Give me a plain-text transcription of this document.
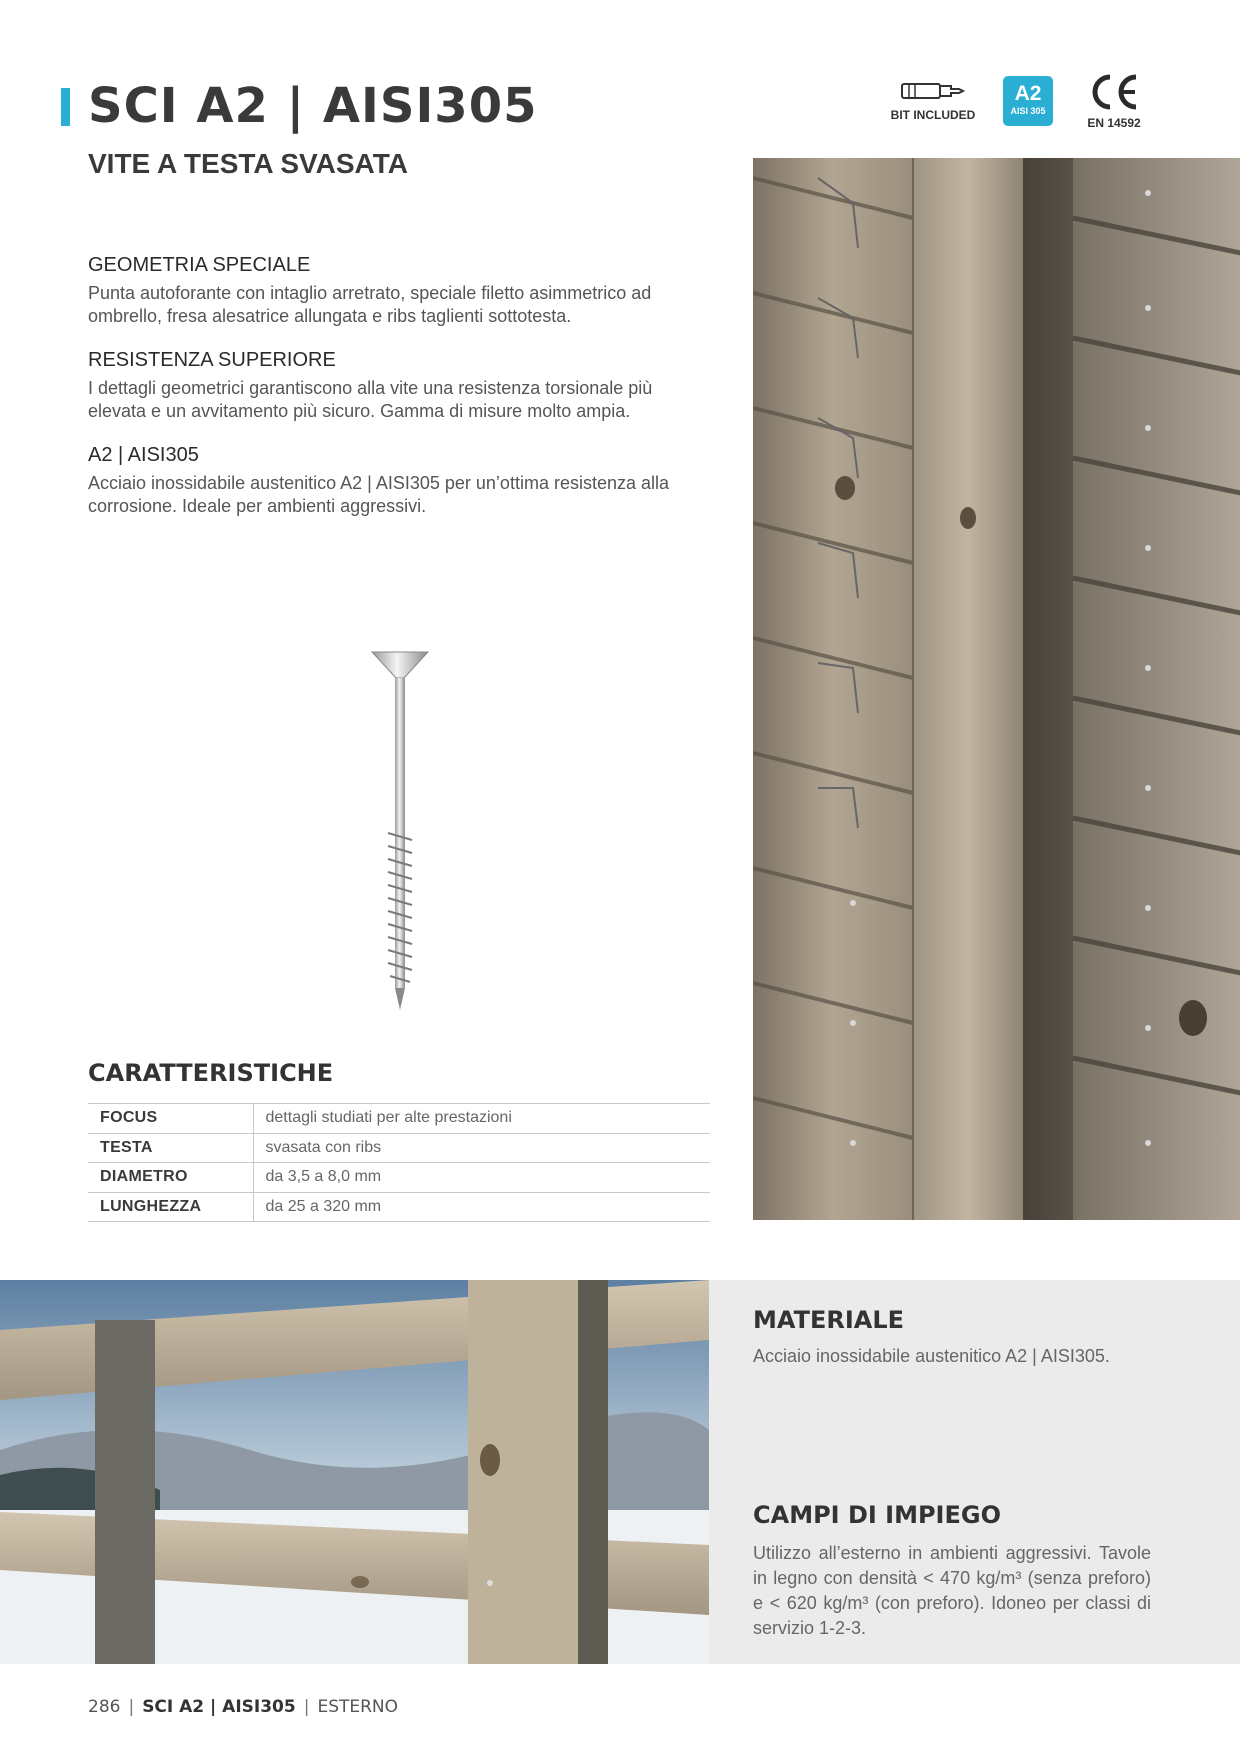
SCI A2 | AISI305
VITE A TESTA SVASATA
BIT INCLUDED
A2
AISI 305
EN 14592
GEOMETRIA SPECIALE

Punta autoforante con intaglio arretrato, speciale filetto asimmetrico ad ombrello, fresa alesatrice allungata e ribs taglienti sottotesta.

RESISTENZA SUPERIORE

I dettagli geometrici garantiscono alla vite una resistenza torsionale più elevata e un avvitamento più sicuro. Gamma di misure molto ampia.

A2 | AISI305

Acciaio inossidabile austenitico A2 | AISI305 per un’ottima resistenza alla corrosione. Ideale per ambienti aggressivi.

CARATTERISTICHE
FOCUS	dettagli studiati per alte prestazioni
TESTA	svasata con ribs
DIAMETRO	da 3,5 a 8,0 mm
LUNGHEZZA	da 25 a 320 mm
MATERIALE

Acciaio inossidabile austenitico A2 | AISI305.

CAMPI DI IMPIEGO

Utilizzo all’esterno in ambienti aggressivi. Tavole in legno con densità < 470 kg/m³ (senza preforo) e < 620 kg/m³ (con preforo). Idoneo per classi di servizio 1-2-3.

286 | SCI A2 | AISI305 | ESTERNO
